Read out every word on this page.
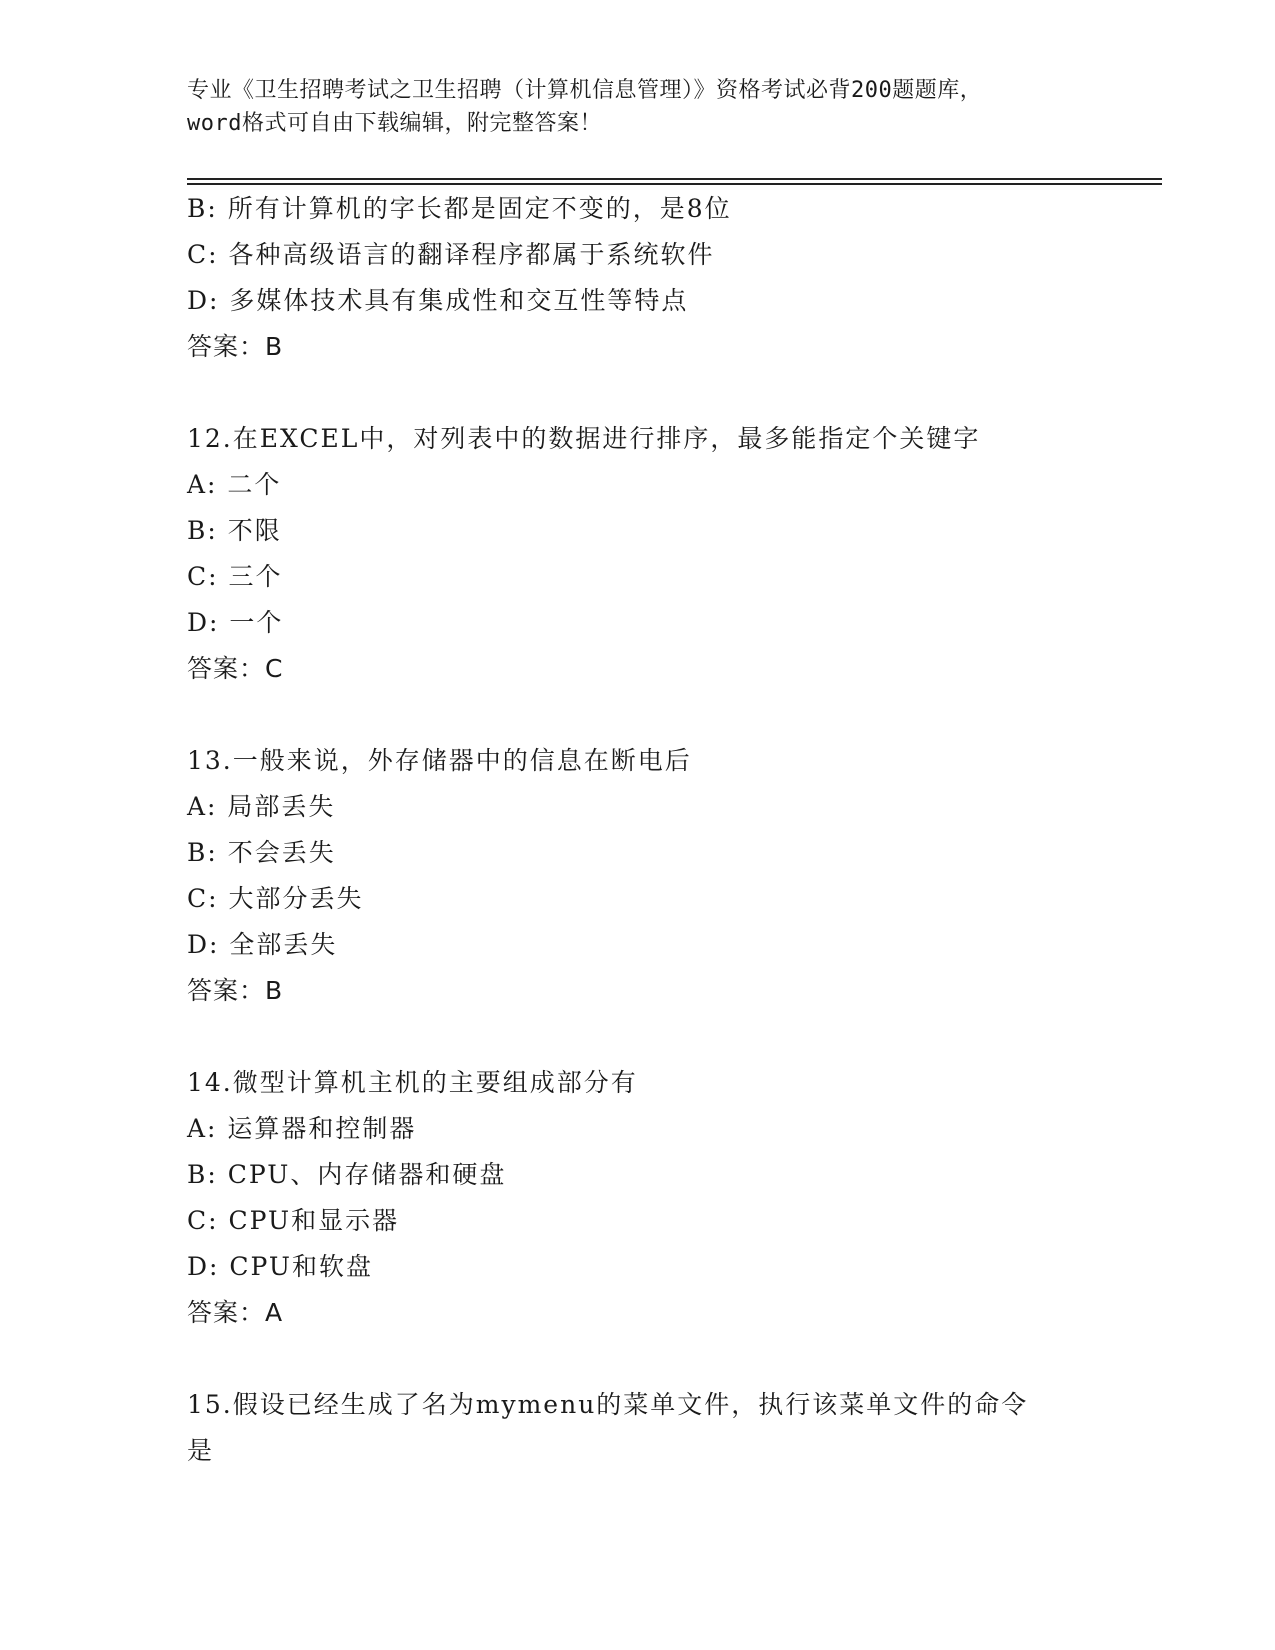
专业《卫生招聘考试之卫生招聘（计算机信息管理）》资格考试必背200题题库，

word格式可自由下载编辑，附完整答案！

B: 所有计算机的字长都是固定不变的，是8位
C: 各种高级语言的翻译程序都属于系统软件
D: 多媒体技术具有集成性和交互性等特点
答案：B
12.在EXCEL中，对列表中的数据进行排序，最多能指定个关键字
A: 二个
B: 不限
C: 三个
D: 一个
答案：C
13.一般来说，外存储器中的信息在断电后
A: 局部丢失
B: 不会丢失
C: 大部分丢失
D: 全部丢失
答案：B
14.微型计算机主机的主要组成部分有
A: 运算器和控制器
B: CPU、内存储器和硬盘
C: CPU和显示器
D: CPU和软盘
答案：A
15.假设已经生成了名为mymenu的菜单文件，执行该菜单文件的命令
是
